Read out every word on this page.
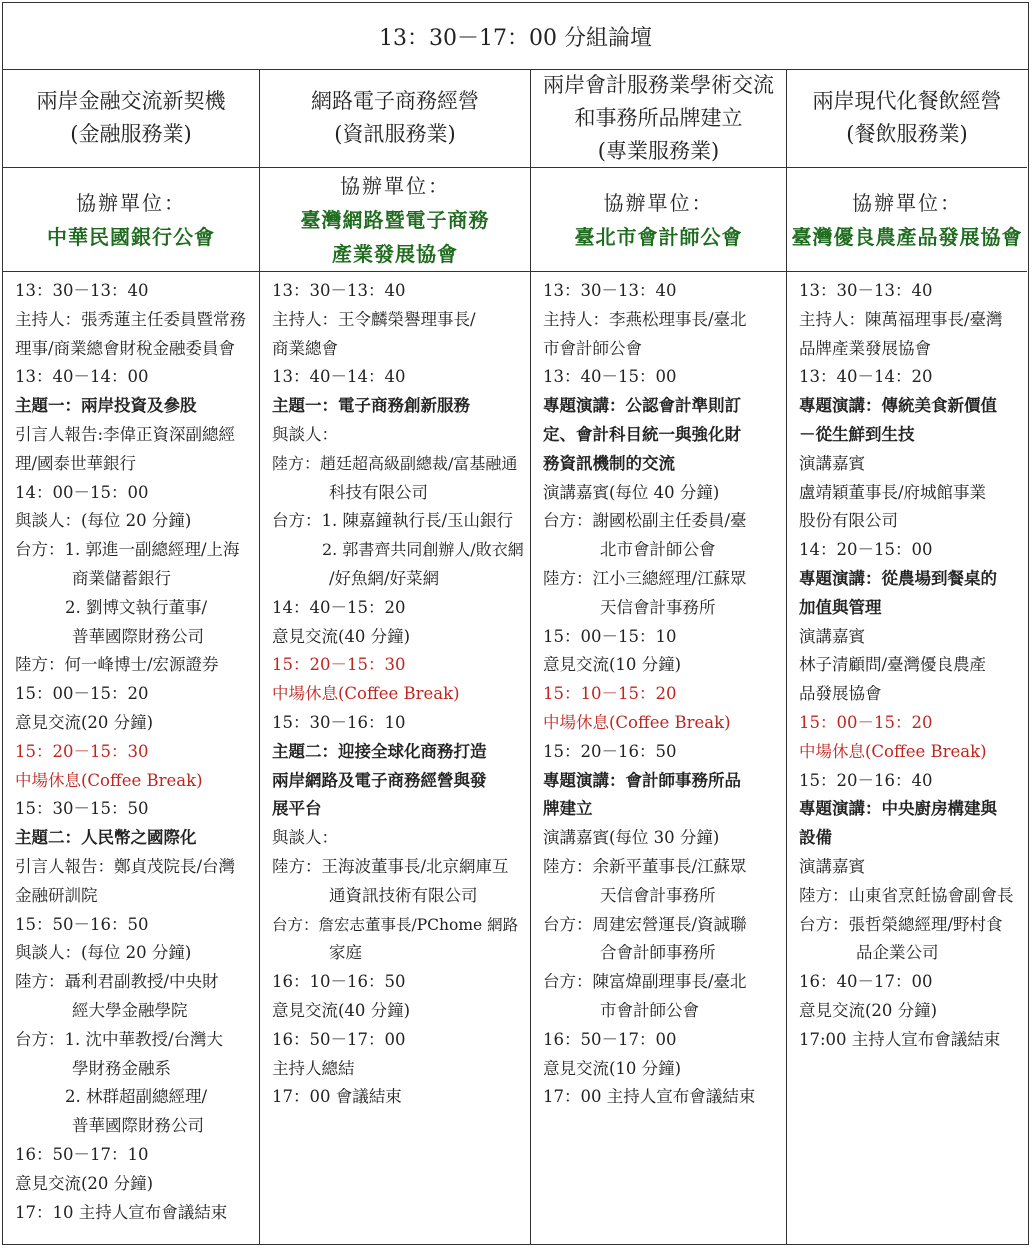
13：30－17：00 分組論壇
兩岸金融交流新契機
(金融服務業)
協辦單位：
中華民國銀行公會
13：30－13：40
主持人：張秀蓮主任委員暨常務
理事/商業總會財稅金融委員會
13：40－14：00
主題一：兩岸投資及參股
引言人報告:李偉正資深副總經
理/國泰世華銀行
14：00－15：00
與談人：(每位 20 分鐘)
台方：1. 郭進一副總經理/上海
商業儲蓄銀行
2. 劉博文執行董事/
普華國際財務公司
陸方：何一峰博士/宏源證券
15：00－15：20
意見交流(20 分鐘)
15：20－15：30
中場休息(Coffee Break)
15：30－15：50
主題二：人民幣之國際化
引言人報告：鄭貞茂院長/台灣
金融研訓院
15：50－16：50
與談人：(每位 20 分鐘)
陸方：聶利君副教授/中央財
經大學金融學院
台方：1. 沈中華教授/台灣大
學財務金融系
2. 林群超副總經理/
普華國際財務公司
16：50－17：10
意見交流(20 分鐘)
17：10 主持人宣布會議結束
網路電子商務經營
(資訊服務業)
協辦單位：
臺灣網路暨電子商務
產業發展協會
13：30－13：40
主持人：王令麟榮譽理事長/
商業總會
13：40－14：40
主題一：電子商務創新服務
與談人：
陸方：趙廷超高級副總裁/富基融通
科技有限公司
台方：1. 陳嘉鐘執行長/玉山銀行
2. 郭書齊共同創辦人/敗衣網
/好魚網/好菜網
14：40－15：20
意見交流(40 分鐘)
15：20－15：30
中場休息(Coffee Break)
15：30－16：10
主題二：迎接全球化商務打造
兩岸網路及電子商務經營與發
展平台
與談人：
陸方：王海波董事長/北京網庫互
通資訊技術有限公司
台方：詹宏志董事長/PChome 網路
家庭
16：10－16：50
意見交流(40 分鐘)
16：50－17：00
主持人總結
17：00 會議結束
兩岸會計服務業學術交流
和事務所品牌建立
(專業服務業)
協辦單位：
臺北市會計師公會
13：30－13：40
主持人：李燕松理事長/臺北
市會計師公會
13：40－15：00
專題演講：公認會計準則訂
定、會計科目統一與強化財
務資訊機制的交流
演講嘉賓(每位 40 分鐘)
台方：謝國松副主任委員/臺
北市會計師公會
陸方：江小三總經理/江蘇眾
天信會計事務所
15：00－15：10
意見交流(10 分鐘)
15：10－15：20
中場休息(Coffee Break)
15：20－16：50
專題演講：會計師事務所品
牌建立
演講嘉賓(每位 30 分鐘)
陸方：余新平董事長/江蘇眾
天信會計事務所
台方：周建宏營運長/資誠聯
合會計師事務所
台方：陳富煒副理事長/臺北
市會計師公會
16：50－17：00
意見交流(10 分鐘)
17：00 主持人宣布會議結束
兩岸現代化餐飲經營
(餐飲服務業)
協辦單位：
臺灣優良農產品發展協會
13：30－13：40
主持人：陳萬福理事長/臺灣
品牌產業發展協會
13：40－14：20
專題演講：傳統美食新價值
－從生鮮到生技
演講嘉賓
盧靖穎董事長/府城館事業
股份有限公司
14：20－15：00
專題演講：從農場到餐桌的
加值與管理
演講嘉賓
林子清顧問/臺灣優良農產
品發展協會
15：00－15：20
中場休息(Coffee Break)
15：20－16：40
專題演講：中央廚房構建與
設備
演講嘉賓
陸方：山東省烹飪協會副會長
台方：張哲榮總經理/野村食
品企業公司
16：40－17：00
意見交流(20 分鐘)
17:00 主持人宣布會議結束
